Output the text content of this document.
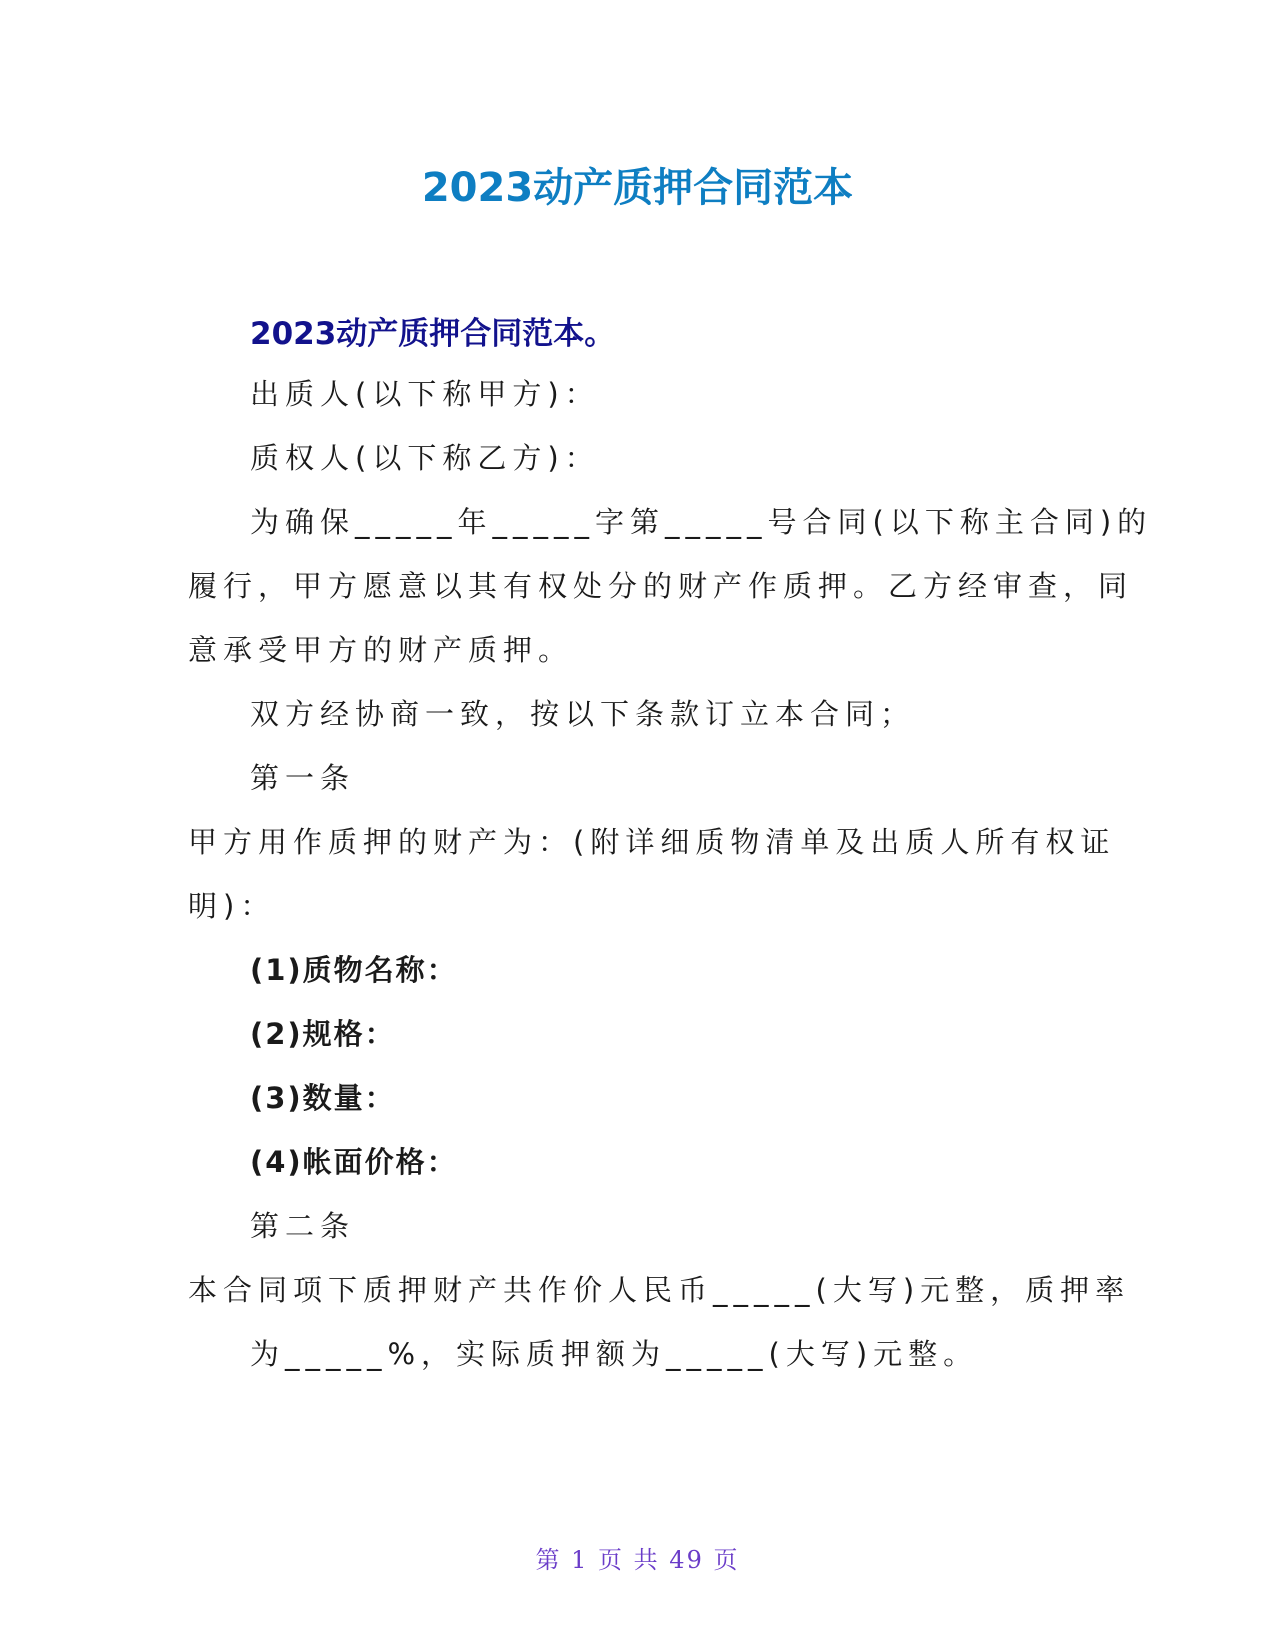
2023动产质押合同范本
2023动产质押合同范本。
出质人(以下称甲方)：
质权人(以下称乙方)：
为确保_____年_____字第_____号合同(以下称主合同)的
履行，甲方愿意以其有权处分的财产作质押。乙方经审查，同
意承受甲方的财产质押。
双方经协商一致，按以下条款订立本合同；
第一条
甲方用作质押的财产为：(附详细质物清单及出质人所有权证
明)：
(1)质物名称：
(2)规格：
(3)数量：
(4)帐面价格：
第二条
本合同项下质押财产共作价人民币_____(大写)元整，质押率
为_____%，实际质押额为_____(大写)元整。
第 1 页 共 49 页
